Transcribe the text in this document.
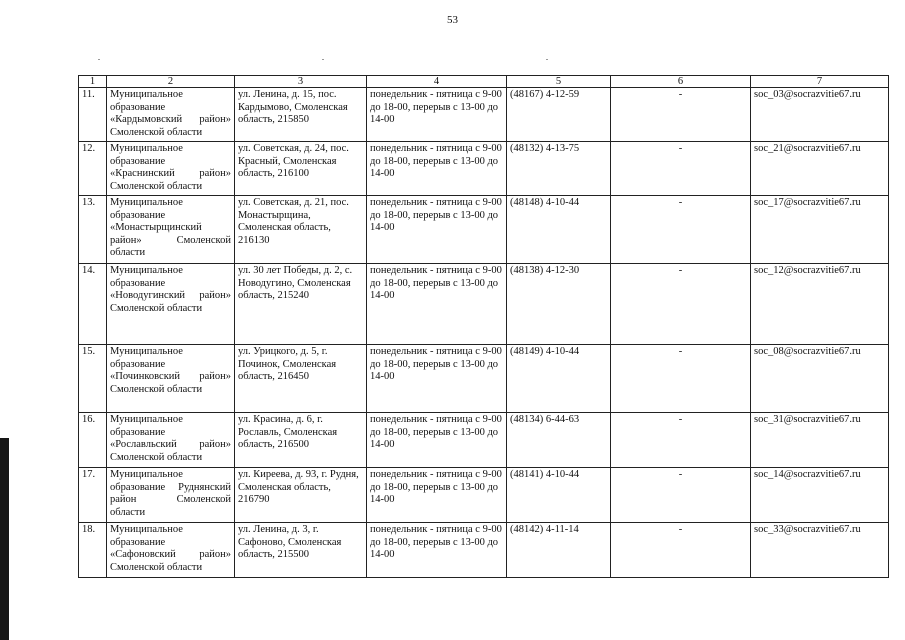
53
1	2	3	4	5	6	7
11.	Муниципальное образование «Кардымовский район» Смоленской области	ул. Ленина, д. 15, пос. Кардымово, Смоленская область, 215850	понедельник - пятница с 9-00 до 18-00, перерыв с 13-00 до 14-00	(48167) 4-12-59	-	soc_03@socrazvitie67.ru
12.	Муниципальное образование «Краснинский район» Смоленской области	ул. Советская, д. 24, пос. Красный, Смоленская область, 216100	понедельник - пятница с 9-00 до 18-00, перерыв с 13-00 до 14-00	(48132) 4-13-75	-	soc_21@socrazvitie67.ru
13.	Муниципальное образование «Монастырщинский район» Смоленской области	ул. Советская, д. 21, пос. Монастырщина, Смоленская область, 216130	понедельник - пятница с 9-00 до 18-00, перерыв с 13-00 до 14-00	(48148) 4-10-44	-	soc_17@socrazvitie67.ru
14.	Муниципальное образование «Новодугинский район» Смоленской области	ул. 30 лет Победы, д. 2, с. Новодугино, Смоленская область, 215240	понедельник - пятница с 9-00 до 18-00, перерыв с 13-00 до 14-00	(48138) 4-12-30	-	soc_12@socrazvitie67.ru
15.	Муниципальное образование «Починковский район» Смоленской области	ул. Урицкого, д. 5, г. Починок, Смоленская область, 216450	понедельник - пятница с 9-00 до 18-00, перерыв с 13-00 до 14-00	(48149) 4-10-44	-	soc_08@socrazvitie67.ru
16.	Муниципальное образование «Рославльский район» Смоленской области	ул. Красина, д. 6, г. Рославль, Смоленская область, 216500	понедельник - пятница с 9-00 до 18-00, перерыв с 13-00 до 14-00	(48134) 6-44-63	-	soc_31@socrazvitie67.ru
17.	Муниципальное образование Руднянский район Смоленской области	ул. Киреева, д. 93, г. Рудня, Смоленская область, 216790	понедельник - пятница с 9-00 до 18-00, перерыв с 13-00 до 14-00	(48141) 4-10-44	-	soc_14@socrazvitie67.ru
18.	Муниципальное образование «Сафоновский район» Смоленской области	ул. Ленина, д. 3, г. Сафоново, Смоленская область, 215500	понедельник - пятница с 9-00 до 18-00, перерыв с 13-00 до 14-00	(48142) 4-11-14	-	soc_33@socrazvitie67.ru
